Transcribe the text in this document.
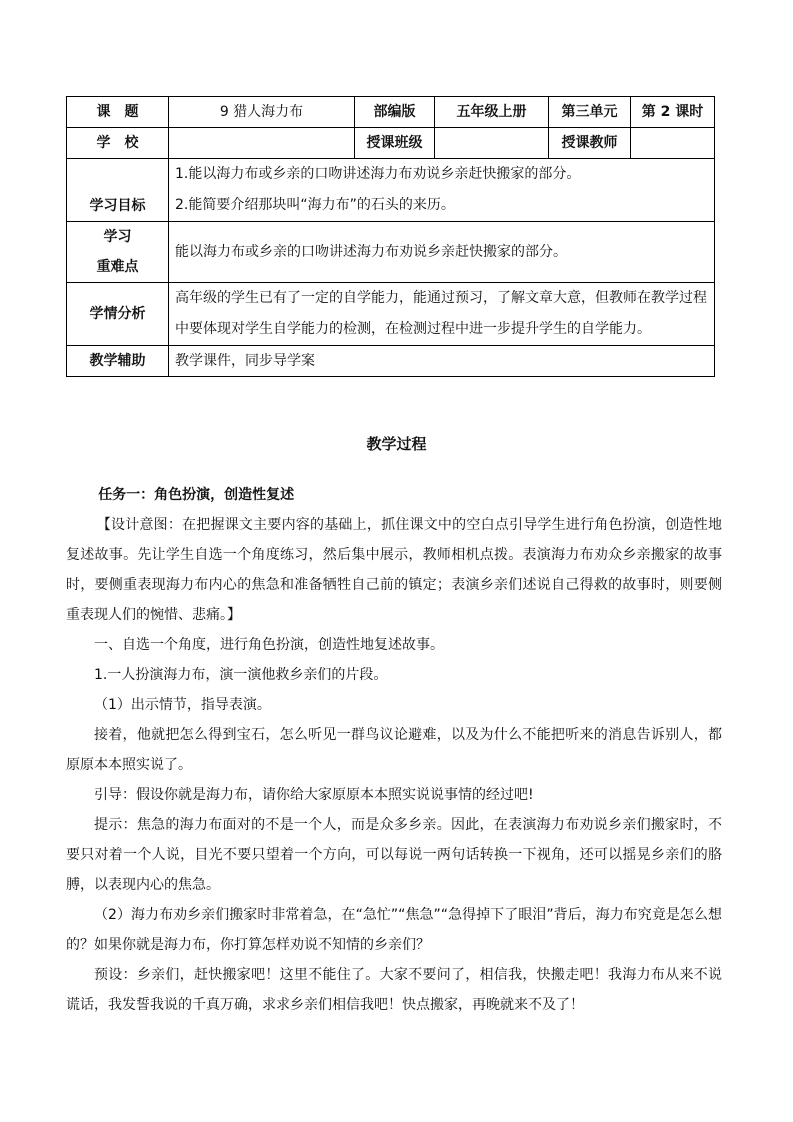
课　题	9 猎人海力布	部编版	五年级上册	第三单元	第 2 课时
学　校		授课班级		授课教师	
学习目标	1.能以海力布或乡亲的口吻讲述海力布劝说乡亲赶快搬家的部分。
2.能简要介绍那块叫“海力布”的石头的来历。				

学习
重难点	能以海力布或乡亲的口吻讲述海力布劝说乡亲赶快搬家的部分。				
学情分析	高年级的学生已有了一定的自学能力，能通过预习，了解文章大意，但教师在教学过程中要体现对学生自学能力的检测，在检测过程中进一步提升学生的自学能力。				
教学辅助	教学课件，同步导学案				
教学过程

任务一：角色扮演，创造性复述

【设计意图：在把握课文主要内容的基础上，抓住课文中的空白点引导学生进行角色扮演，创造性地复述故事。先让学生自选一个角度练习，然后集中展示，教师相机点拨。表演海力布劝众乡亲搬家的故事时，要侧重表现海力布内心的焦急和准备牺牲自己前的镇定；表演乡亲们述说自己得救的故事时，则要侧重表现人们的惋惜、悲痛。】

一、自选一个角度，进行角色扮演，创造性地复述故事。

1.一人扮演海力布，演一演他救乡亲们的片段。

（1）出示情节，指导表演。

接着，他就把怎么得到宝石，怎么听见一群鸟议论避难，以及为什么不能把听来的消息告诉别人，都原原本本照实说了。

引导：假设你就是海力布，请你给大家原原本本照实说说事情的经过吧!

提示：焦急的海力布面对的不是一个人，而是众多乡亲。因此，在表演海力布劝说乡亲们搬家时，不要只对着一个人说，目光不要只望着一个方向，可以每说一两句话转换一下视角，还可以摇晃乡亲们的胳膊，以表现内心的焦急。

（2）海力布劝乡亲们搬家时非常着急，在“急忙”“焦急”“急得掉下了眼泪”背后，海力布究竟是怎么想的？如果你就是海力布，你打算怎样劝说不知情的乡亲们？

预设：乡亲们，赶快搬家吧！这里不能住了。大家不要问了，相信我，快搬走吧！我海力布从来不说谎话，我发誓我说的千真万确，求求乡亲们相信我吧！快点搬家，再晚就来不及了！
